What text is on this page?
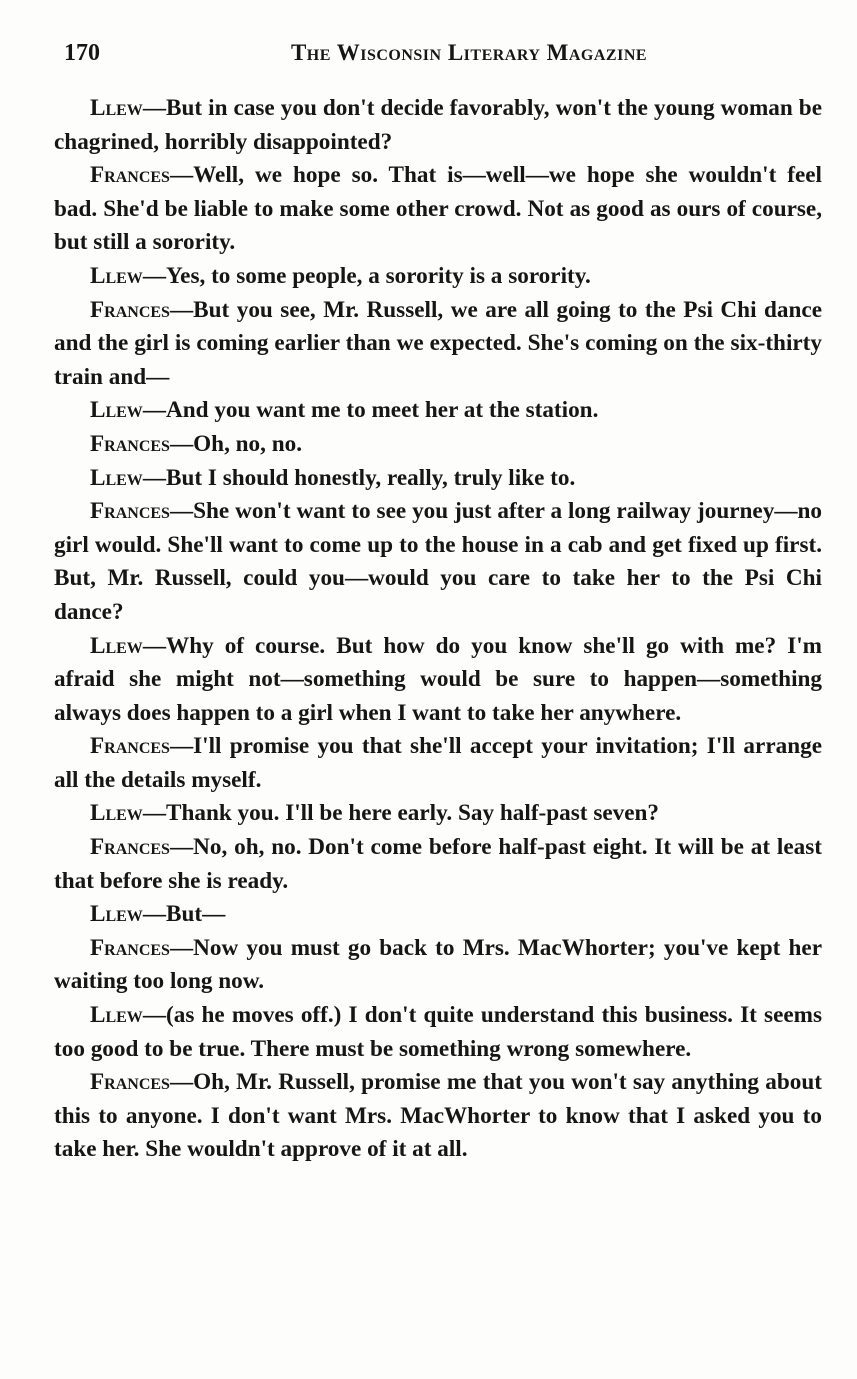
170	The Wisconsin Literary Magazine

Llew—But in case you don't decide favorably, won't the young woman be chagrined, horribly disappointed?

Frances—Well, we hope so. That is—well—we hope she wouldn't feel bad. She'd be liable to make some other crowd. Not as good as ours of course, but still a sorority.

Llew—Yes, to some people, a sorority is a sorority.

Frances—But you see, Mr. Russell, we are all going to the Psi Chi dance and the girl is coming earlier than we expected. She's coming on the six-thirty train and—

Llew—And you want me to meet her at the station.

Frances—Oh, no, no.

Llew—But I should honestly, really, truly like to.

Frances—She won't want to see you just after a long railway journey—no girl would. She'll want to come up to the house in a cab and get fixed up first. But, Mr. Russell, could you—would you care to take her to the Psi Chi dance?

Llew—Why of course. But how do you know she'll go with me? I'm afraid she might not—something would be sure to happen—something always does happen to a girl when I want to take her anywhere.

Frances—I'll promise you that she'll accept your invitation; I'll arrange all the details myself.

Llew—Thank you. I'll be here early. Say half-past seven?

Frances—No, oh, no. Don't come before half-past eight. It will be at least that before she is ready.

Llew—But—

Frances—Now you must go back to Mrs. MacWhorter; you've kept her waiting too long now.

Llew—(as he moves off.) I don't quite understand this business. It seems too good to be true. There must be something wrong somewhere.

Frances—Oh, Mr. Russell, promise me that you won't say anything about this to anyone. I don't want Mrs. MacWhorter to know that I asked you to take her. She wouldn't approve of it at all.
